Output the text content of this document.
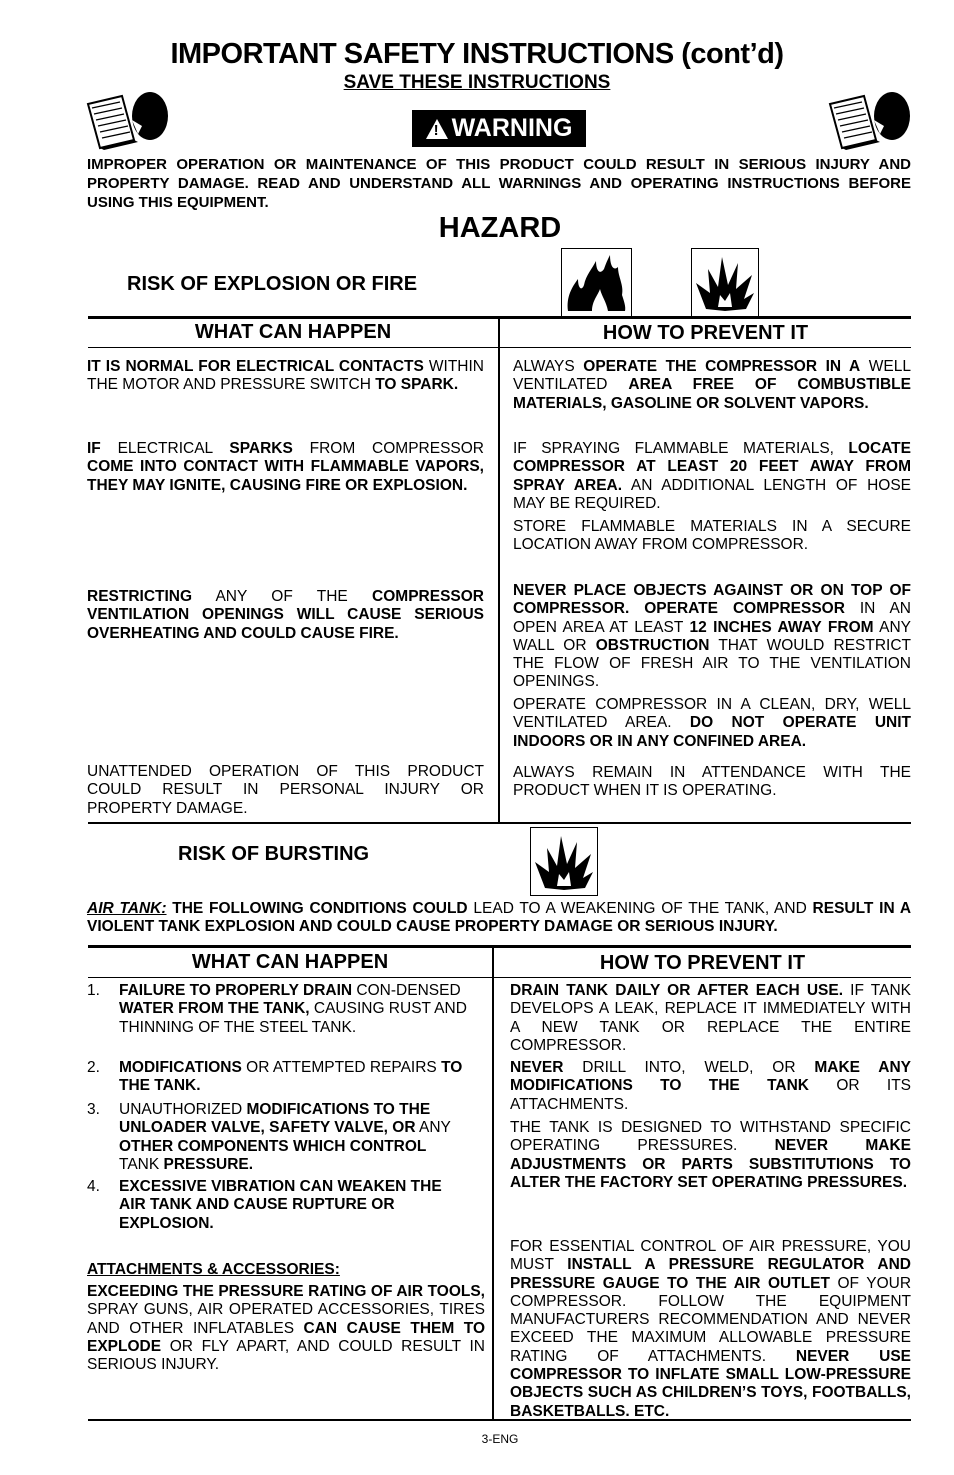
IMPORTANT SAFETY INSTRUCTIONS (cont’d)
SAVE THESE INSTRUCTIONS
!
WARNING
IMPROPER OPERATION OR MAINTENANCE OF THIS PRODUCT COULD RESULT IN SERIOUS INJURY AND PROPERTY DAMAGE. READ AND UNDERSTAND ALL WARNINGS AND OPERATING INSTRUCTIONS BEFORE USING THIS EQUIPMENT.
HAZARD
RISK OF EXPLOSION OR FIRE
WHAT CAN HAPPEN	HOW TO PREVENT IT
IT IS NORMAL FOR ELECTRICAL CONTACTS WITHIN THE MOTOR AND PRESSURE SWITCH TO SPARK.
ALWAYS OPERATE THE COMPRESSOR IN A WELL VENTILATED AREA FREE OF COMBUSTIBLE MATERIALS, GASOLINE OR SOLVENT VAPORS.
IF ELECTRICAL SPARKS FROM COMPRESSOR COME INTO CONTACT WITH FLAMMABLE VAPORS, THEY MAY IGNITE, CAUSING FIRE OR EXPLOSION.
IF SPRAYING FLAMMABLE MATERIALS, LOCATE COMPRESSOR AT LEAST 20 FEET AWAY FROM SPRAY AREA. AN ADDITIONAL LENGTH OF HOSE MAY BE REQUIRED.
STORE FLAMMABLE MATERIALS IN A SECURE LOCATION AWAY FROM COMPRESSOR.
RESTRICTING ANY OF THE COMPRESSOR VENTILATION OPENINGS WILL CAUSE SERIOUS OVERHEATING AND COULD CAUSE FIRE.
NEVER PLACE OBJECTS AGAINST OR ON TOP OF COMPRESSOR. OPERATE COMPRESSOR IN AN OPEN AREA AT LEAST 12 INCHES AWAY FROM ANY WALL OR OBSTRUCTION THAT WOULD RESTRICT THE FLOW OF FRESH AIR TO THE VENTILATION OPENINGS.
OPERATE COMPRESSOR IN A CLEAN, DRY, WELL VENTILATED AREA. DO NOT OPERATE UNIT INDOORS OR IN ANY CONFINED AREA.
UNATTENDED OPERATION OF THIS PRODUCT COULD RESULT IN PERSONAL INJURY OR PROPERTY DAMAGE.
ALWAYS REMAIN IN ATTENDANCE WITH THE PRODUCT WHEN IT IS OPERATING.
RISK OF BURSTING
AIR TANK: THE FOLLOWING CONDITIONS COULD LEAD TO A WEAKENING OF THE TANK, AND RESULT IN A VIOLENT TANK EXPLOSION AND COULD CAUSE PROPERTY DAMAGE OR SERIOUS INJURY.
WHAT CAN HAPPEN	HOW TO PREVENT IT
1. FAILURE TO PROPERLY DRAIN CON-DENSED WATER FROM THE TANK, CAUSING RUST AND THINNING OF THE STEEL TANK.
2. MODIFICATIONS OR ATTEMPTED REPAIRS TO THE TANK.
3. UNAUTHORIZED MODIFICATIONS TO THE UNLOADER VALVE, SAFETY VALVE, OR ANY OTHER COMPONENTS WHICH CONTROL TANK PRESSURE.
4. EXCESSIVE VIBRATION CAN WEAKEN THE AIR TANK AND CAUSE RUPTURE OR EXPLOSION.
ATTACHMENTS & ACCESSORIES:
EXCEEDING THE PRESSURE RATING OF AIR TOOLS, SPRAY GUNS, AIR OPERATED ACCESSORIES, TIRES AND OTHER INFLATABLES CAN CAUSE THEM TO EXPLODE OR FLY APART, AND COULD RESULT IN SERIOUS INJURY.
DRAIN TANK DAILY OR AFTER EACH USE. IF TANK DEVELOPS A LEAK, REPLACE IT IMMEDIATELY WITH A NEW TANK OR REPLACE THE ENTIRE COMPRESSOR.
NEVER DRILL INTO, WELD, OR MAKE ANY MODIFICATIONS TO THE TANK OR ITS ATTACHMENTS.
THE TANK IS DESIGNED TO WITHSTAND SPECIFIC OPERATING PRESSURES. NEVER MAKE ADJUSTMENTS OR PARTS SUBSTITUTIONS TO ALTER THE FACTORY SET OPERATING PRESSURES.
FOR ESSENTIAL CONTROL OF AIR PRESSURE, YOU MUST INSTALL A PRESSURE REGULATOR AND PRESSURE GAUGE TO THE AIR OUTLET OF YOUR COMPRESSOR. FOLLOW THE EQUIPMENT MANUFACTURERS RECOMMENDATION AND NEVER EXCEED THE MAXIMUM ALLOWABLE PRESSURE RATING OF ATTACHMENTS. NEVER USE COMPRESSOR TO INFLATE SMALL LOW-PRESSURE OBJECTS SUCH AS CHILDREN’S TOYS, FOOTBALLS, BASKETBALLS. ETC.
3-ENG
